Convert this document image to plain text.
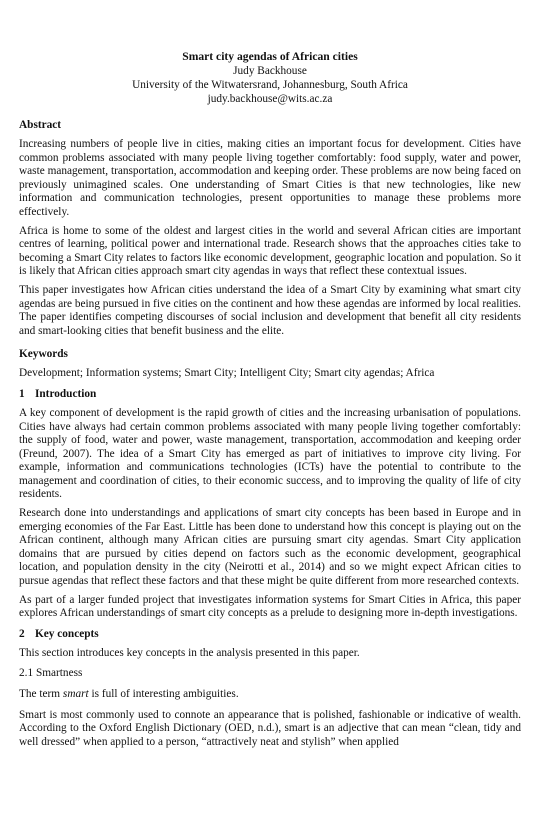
Smart city agendas of African cities
Judy Backhouse
University of the Witwatersrand, Johannesburg, South Africa
judy.backhouse@wits.ac.za
Abstract

Increasing numbers of people live in cities, making cities an important focus for development. Cities have common problems associated with many people living together comfortably: food supply, water and power, waste management, transportation, accommodation and keeping order. These problems are now being faced on previously unimagined scales. One understanding of Smart Cities is that new technologies, like new information and communication technologies, present opportunities to manage these problems more effectively.

Africa is home to some of the oldest and largest cities in the world and several African cities are important centres of learning, political power and international trade. Research shows that the approaches cities take to becoming a Smart City relates to factors like economic development, geographic location and population. So it is likely that African cities approach smart city agendas in ways that reflect these contextual issues.

This paper investigates how African cities understand the idea of a Smart City by examining what smart city agendas are being pursued in five cities on the continent and how these agendas are informed by local realities. The paper identifies competing discourses of social inclusion and development that benefit all city residents and smart-looking cities that benefit business and the elite.

Keywords

Development; Information systems; Smart City; Intelligent City; Smart city agendas; Africa

1 Introduction

A key component of development is the rapid growth of cities and the increasing urbanisation of populations. Cities have always had certain common problems associated with many people living together comfortably: the supply of food, water and power, waste management, transportation, accommodation and keeping order (Freund, 2007). The idea of a Smart City has emerged as part of initiatives to improve city living. For example, information and communications technologies (ICTs) have the potential to contribute to the management and coordination of cities, to their economic success, and to improving the quality of life of city residents.

Research done into understandings and applications of smart city concepts has been based in Europe and in emerging economies of the Far East. Little has been done to understand how this concept is playing out on the African continent, although many African cities are pursuing smart city agendas. Smart City application domains that are pursued by cities depend on factors such as the economic development, geographical location, and population density in the city (Neirotti et al., 2014) and so we might expect African cities to pursue agendas that reflect these factors and that these might be quite different from more researched contexts.

As part of a larger funded project that investigates information systems for Smart Cities in Africa, this paper explores African understandings of smart city concepts as a prelude to designing more in-depth investigations.

2 Key concepts

This section introduces key concepts in the analysis presented in this paper.

2.1 Smartness

The term smart is full of interesting ambiguities.

Smart is most commonly used to connote an appearance that is polished, fashionable or indicative of wealth. According to the Oxford English Dictionary (OED, n.d.), smart is an adjective that can mean “clean, tidy and well dressed” when applied to a person, “attractively neat and stylish” when applied
